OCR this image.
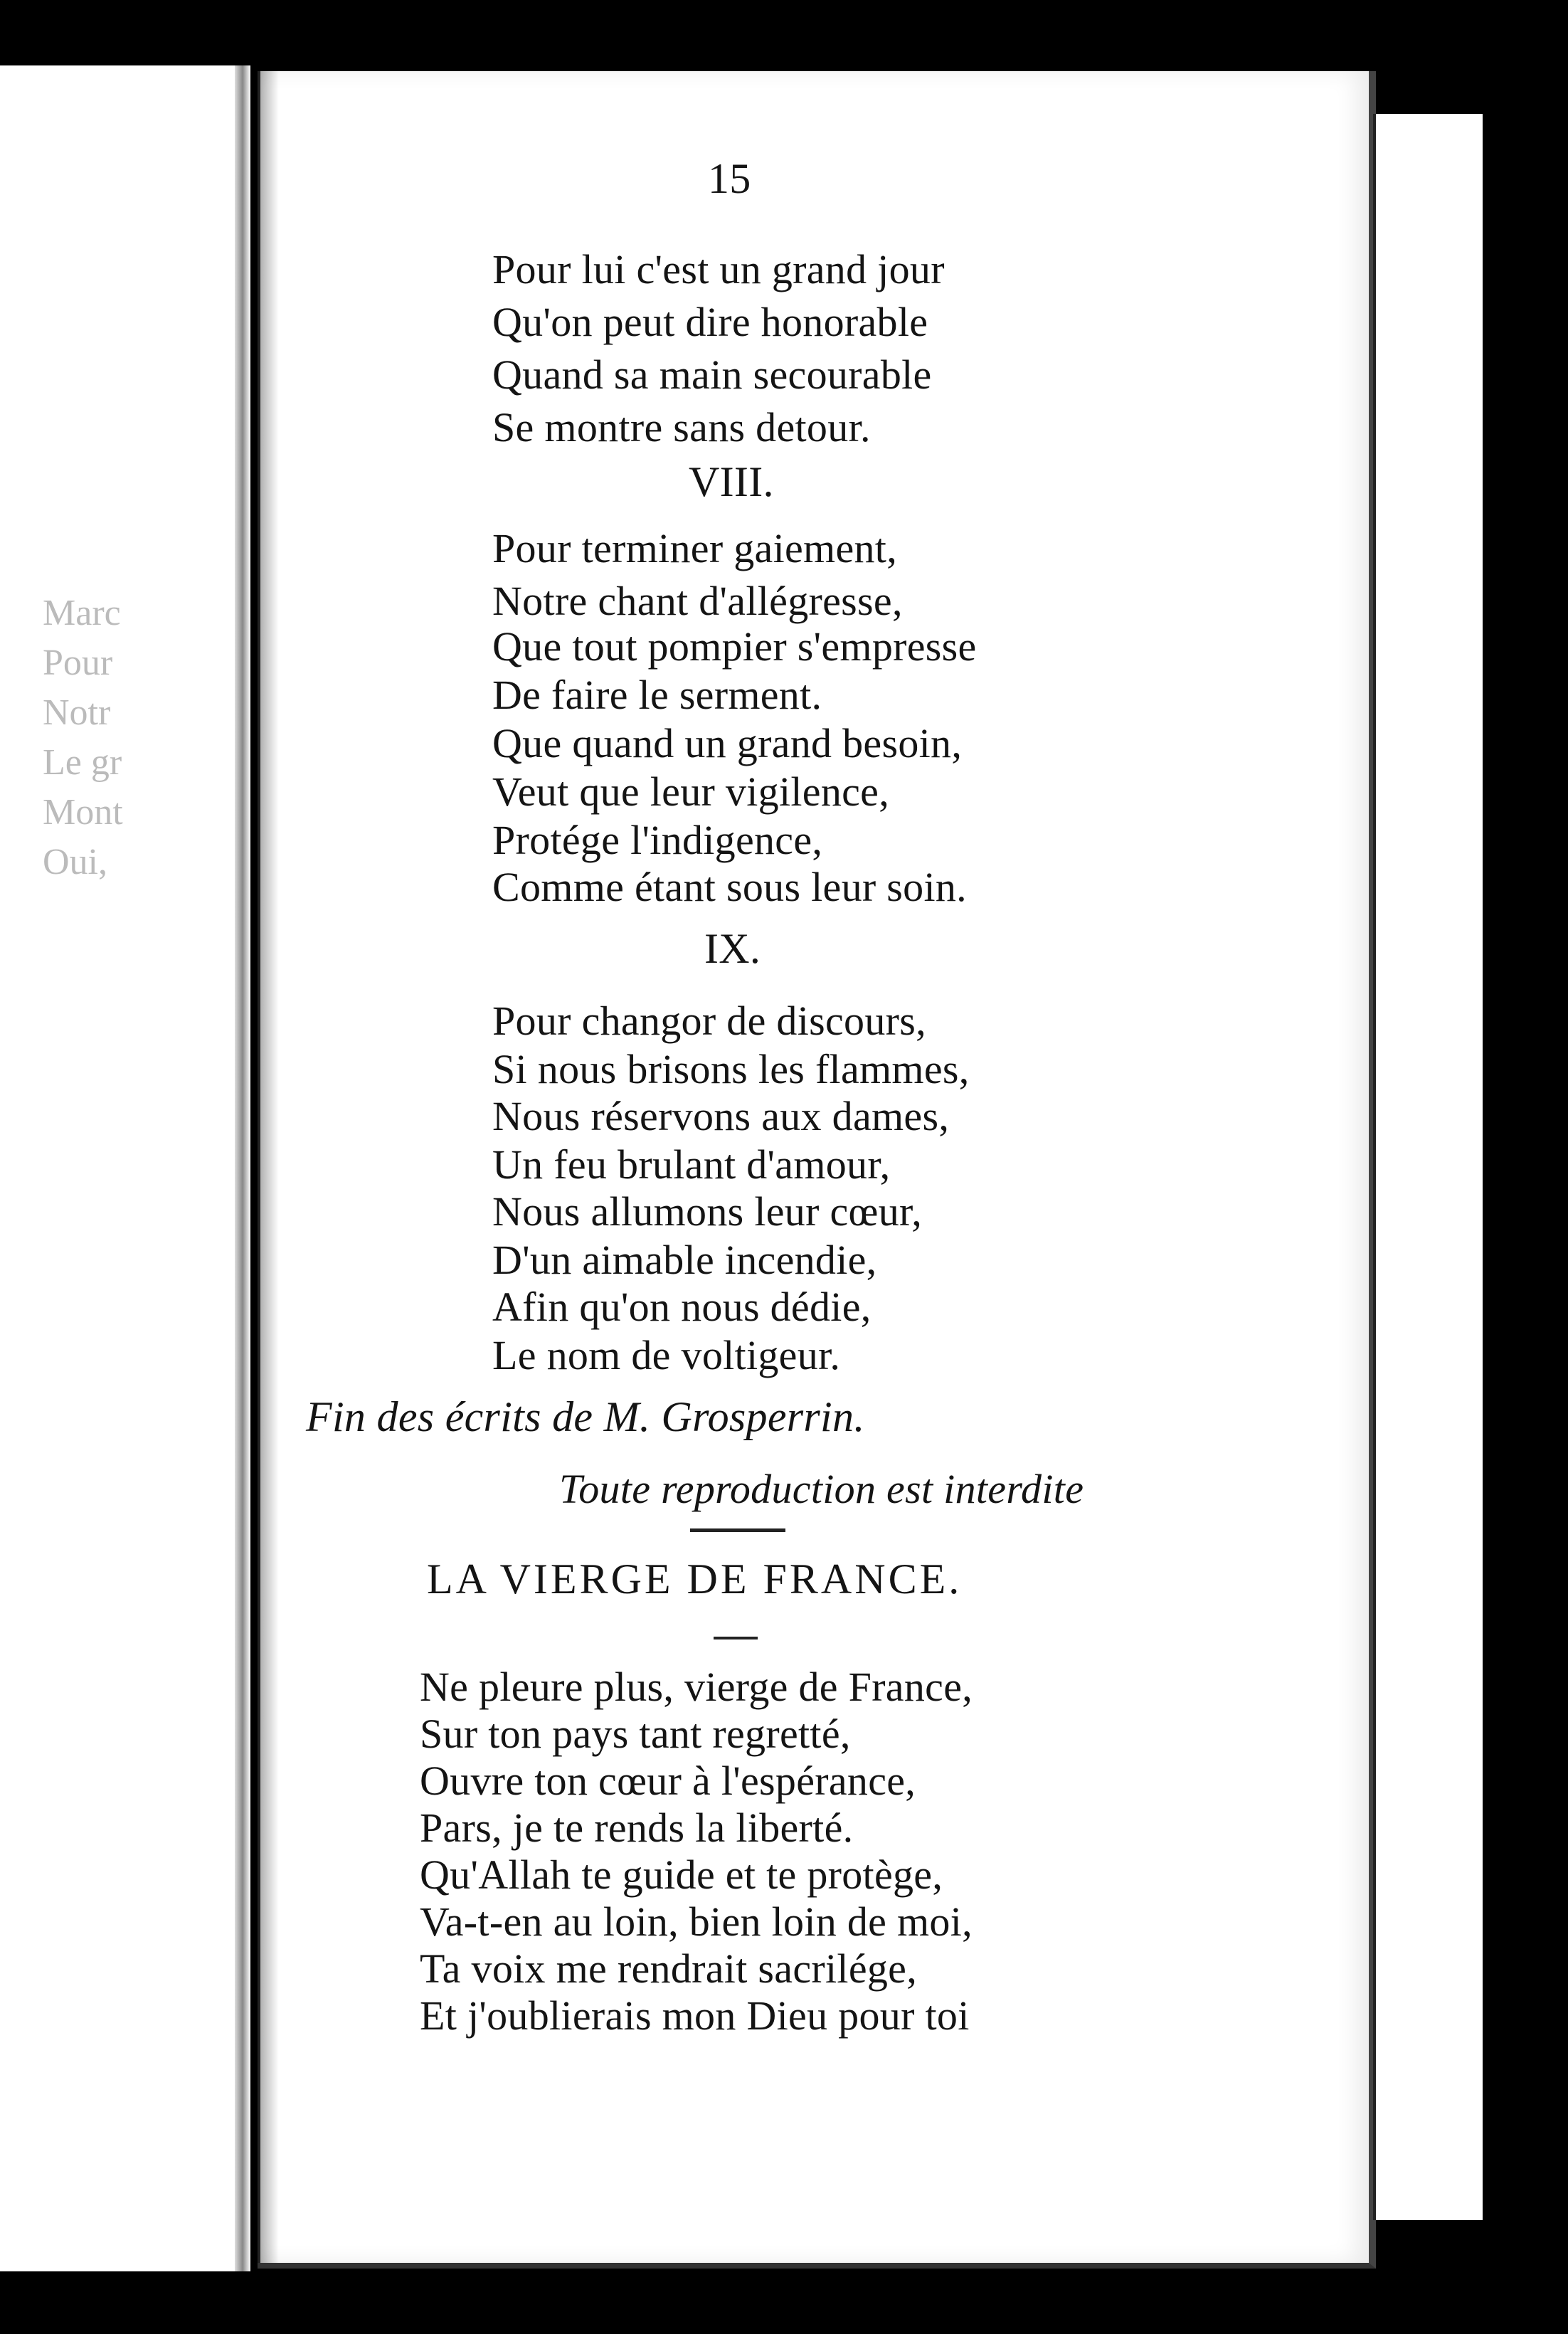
Marc
Pour
Notr
Le gr
Mont
Oui,
15
Pour lui c'est un grand jour
Qu'on peut dire honorable
Quand sa main secourable
Se montre sans detour.
VIII.
Pour terminer gaiement,
Notre chant d'allégresse,
Que tout pompier s'empresse
De faire le serment.
Que quand un grand besoin,
Veut que leur vigilence,
Protége l'indigence,
Comme étant sous leur soin.
IX.
Pour changor de discours,
Si nous brisons les flammes,
Nous réservons aux dames,
Un feu brulant d'amour,
Nous allumons leur cœur,
D'un aimable incendie,
Afin qu'on nous dédie,
Le nom de voltigeur.
Fin des écrits de M. Grosperrin.
Toute reproduction est interdite
LA VIERGE DE FRANCE.
Ne pleure plus, vierge de France,
Sur ton pays tant regretté,
Ouvre ton cœur à l'espérance,
Pars, je te rends la liberté.
Qu'Allah te guide et te protège,
Va-t-en au loin, bien loin de moi,
Ta voix me rendrait sacrilége,
Et j'oublierais mon Dieu pour toi
